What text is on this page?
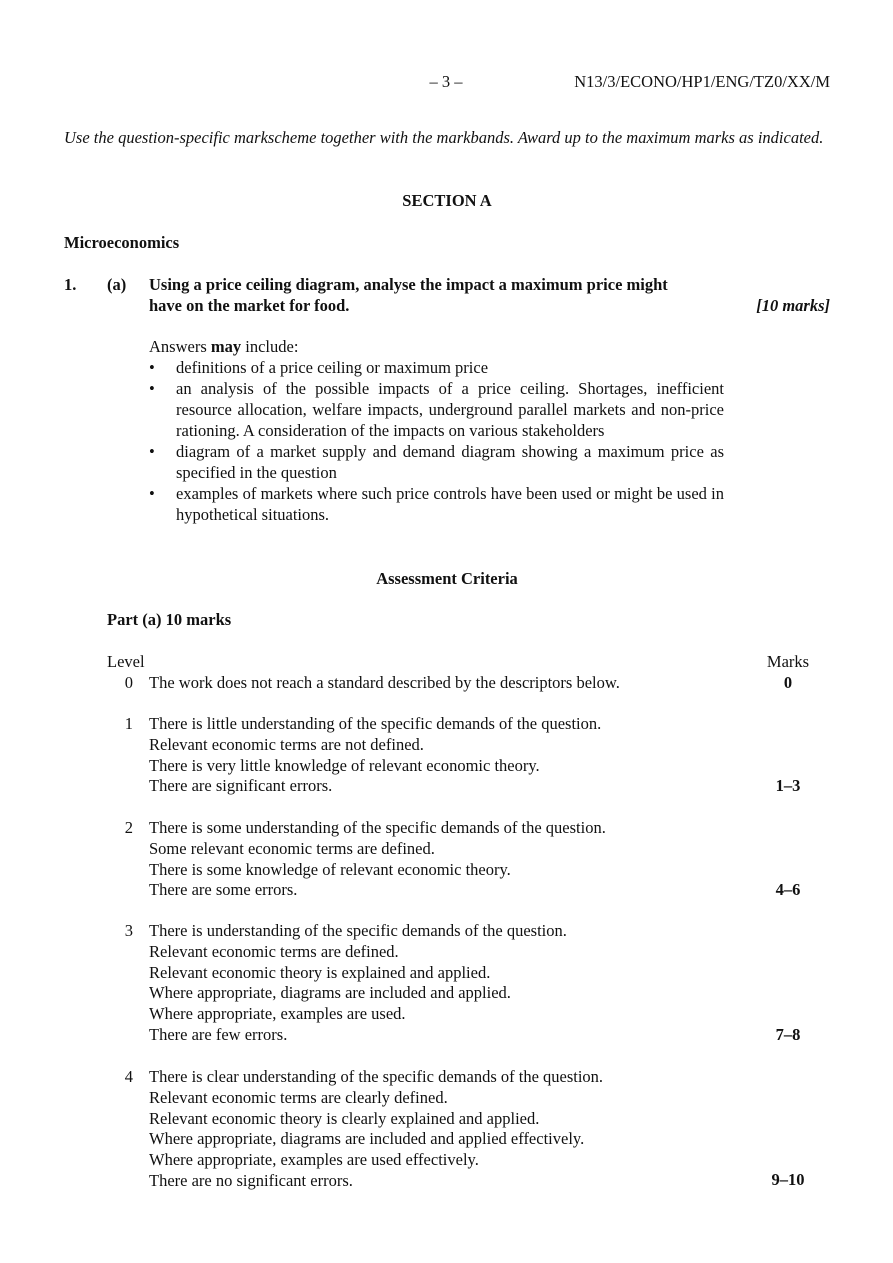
– 3 –	N13/3/ECONO/HP1/ENG/TZ0/XX/M
Use the question-specific markscheme together with the markbands. Award up to the maximum marks as indicated.
SECTION A
Microeconomics
1. (a) Using a price ceiling diagram, analyse the impact a maximum price might
have on the market for food.	[10 marks]
Answers may include:
• definitions of a price ceiling or maximum price
• an analysis of the possible impacts of a price ceiling. Shortages, inefficient resource allocation, welfare impacts, underground parallel markets and non-price rationing. A consideration of the impacts on various stakeholders
• diagram of a market supply and demand diagram showing a maximum price as specified in the question
• examples of markets where such price controls have been used or might be used in hypothetical situations.
Assessment Criteria
Part (a) 10 marks
Level	Marks
0 The work does not reach a standard described by the descriptors below.	0
1 There is little understanding of the specific demands of the question.
Relevant economic terms are not defined.
There is very little knowledge of relevant economic theory.
There are significant errors.	1–3
2 There is some understanding of the specific demands of the question.
Some relevant economic terms are defined.
There is some knowledge of relevant economic theory.
There are some errors.	4–6
3 There is understanding of the specific demands of the question.
Relevant economic terms are defined.
Relevant economic theory is explained and applied.
Where appropriate, diagrams are included and applied.
Where appropriate, examples are used.
There are few errors.	7–8
4 There is clear understanding of the specific demands of the question.
Relevant economic terms are clearly defined.
Relevant economic theory is clearly explained and applied.
Where appropriate, diagrams are included and applied effectively.
Where appropriate, examples are used effectively.
There are no significant errors.	9–10
